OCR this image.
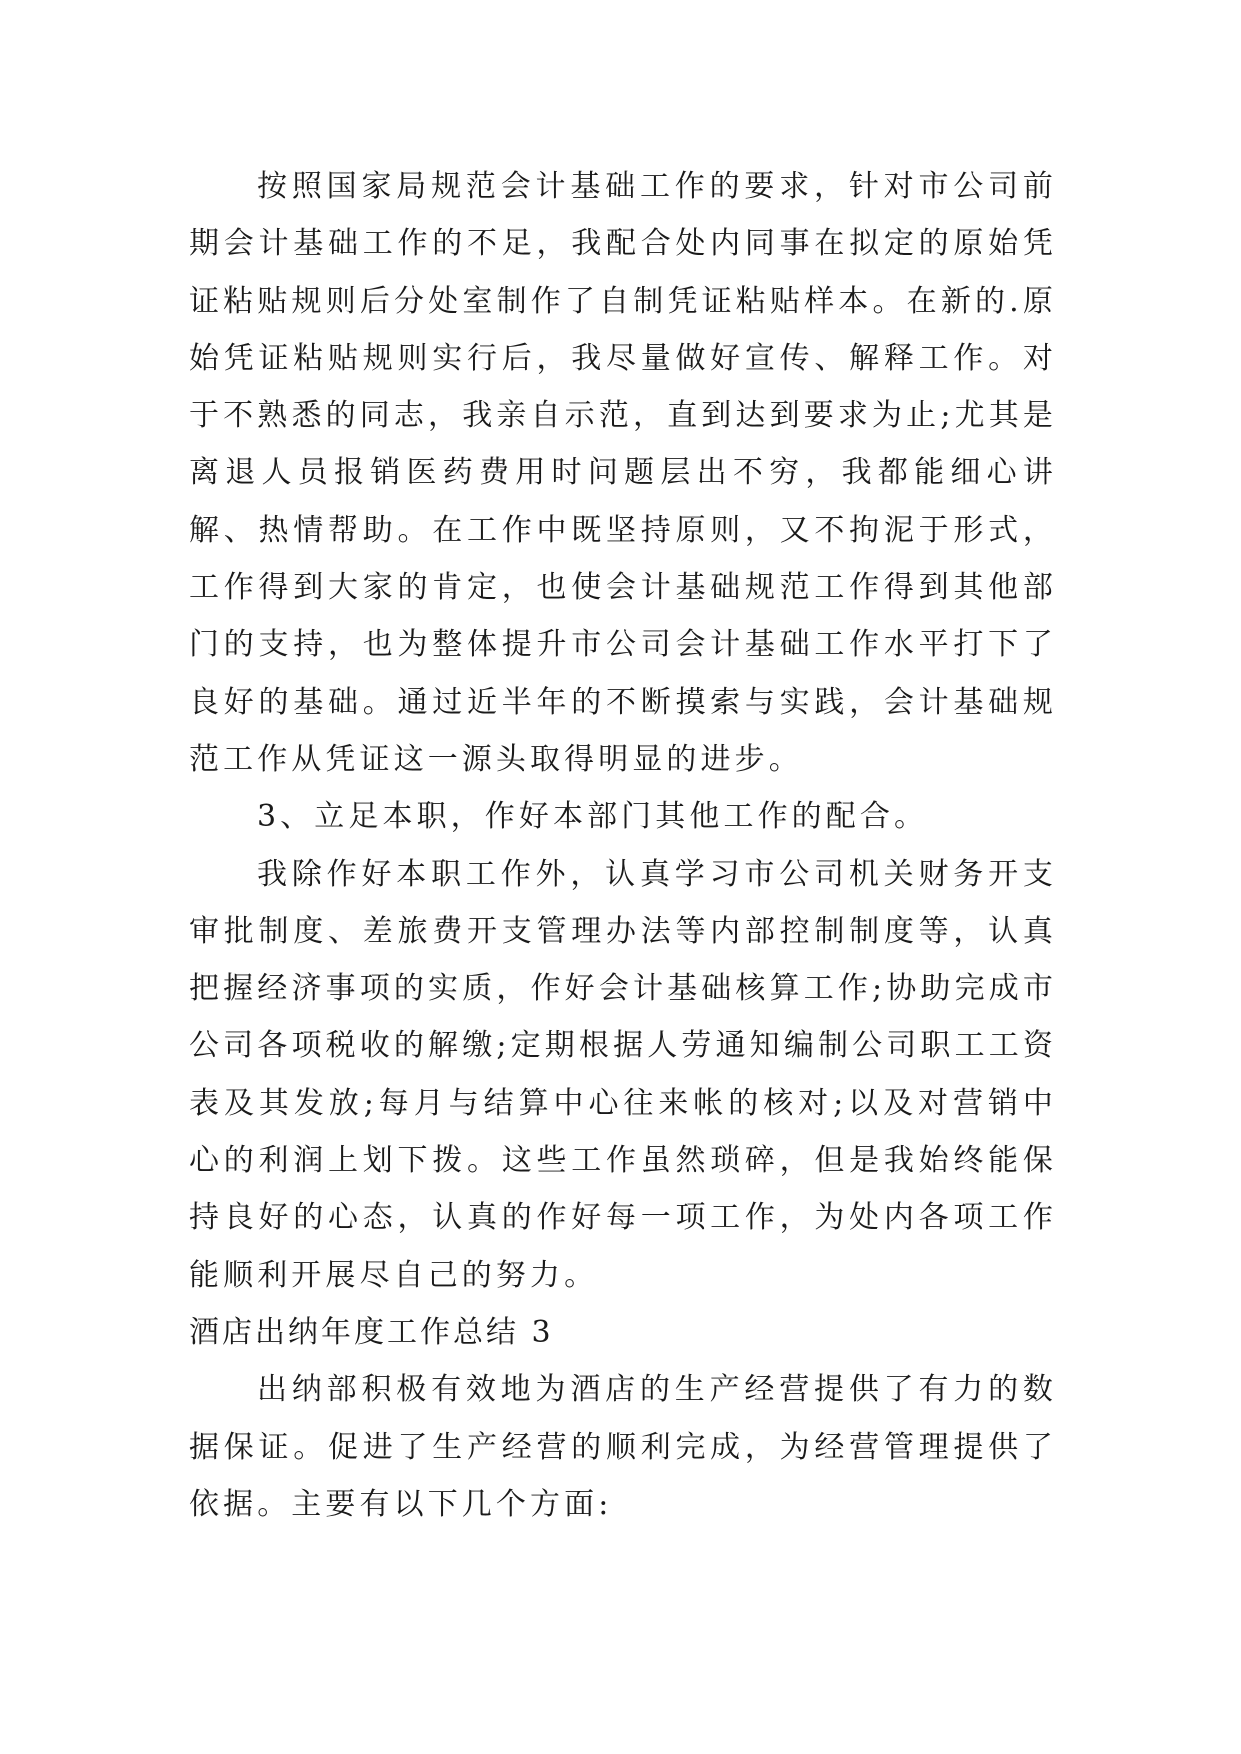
按照国家局规范会计基础工作的要求，针对市公司前期会计基础工作的不足，我配合处内同事在拟定的原始凭证粘贴规则后分处室制作了自制凭证粘贴样本。在新的.原始凭证粘贴规则实行后，我尽量做好宣传、解释工作。对于不熟悉的同志，我亲自示范，直到达到要求为止;尤其是离退人员报销医药费用时问题层出不穷，我都能细心讲解、热情帮助。在工作中既坚持原则，又不拘泥于形式，工作得到大家的肯定，也使会计基础规范工作得到其他部门的支持，也为整体提升市公司会计基础工作水平打下了良好的基础。通过近半年的不断摸索与实践，会计基础规范工作从凭证这一源头取得明显的进步。

3、立足本职，作好本部门其他工作的配合。

我除作好本职工作外，认真学习市公司机关财务开支审批制度、差旅费开支管理办法等内部控制制度等，认真把握经济事项的实质，作好会计基础核算工作;协助完成市公司各项税收的解缴;定期根据人劳通知编制公司职工工资表及其发放;每月与结算中心往来帐的核对;以及对营销中心的利润上划下拨。这些工作虽然琐碎，但是我始终能保持良好的心态，认真的作好每一项工作，为处内各项工作能顺利开展尽自己的努力。

酒店出纳年度工作总结 3

出纳部积极有效地为酒店的生产经营提供了有力的数据保证。促进了生产经营的顺利完成，为经营管理提供了依据。主要有以下几个方面:
